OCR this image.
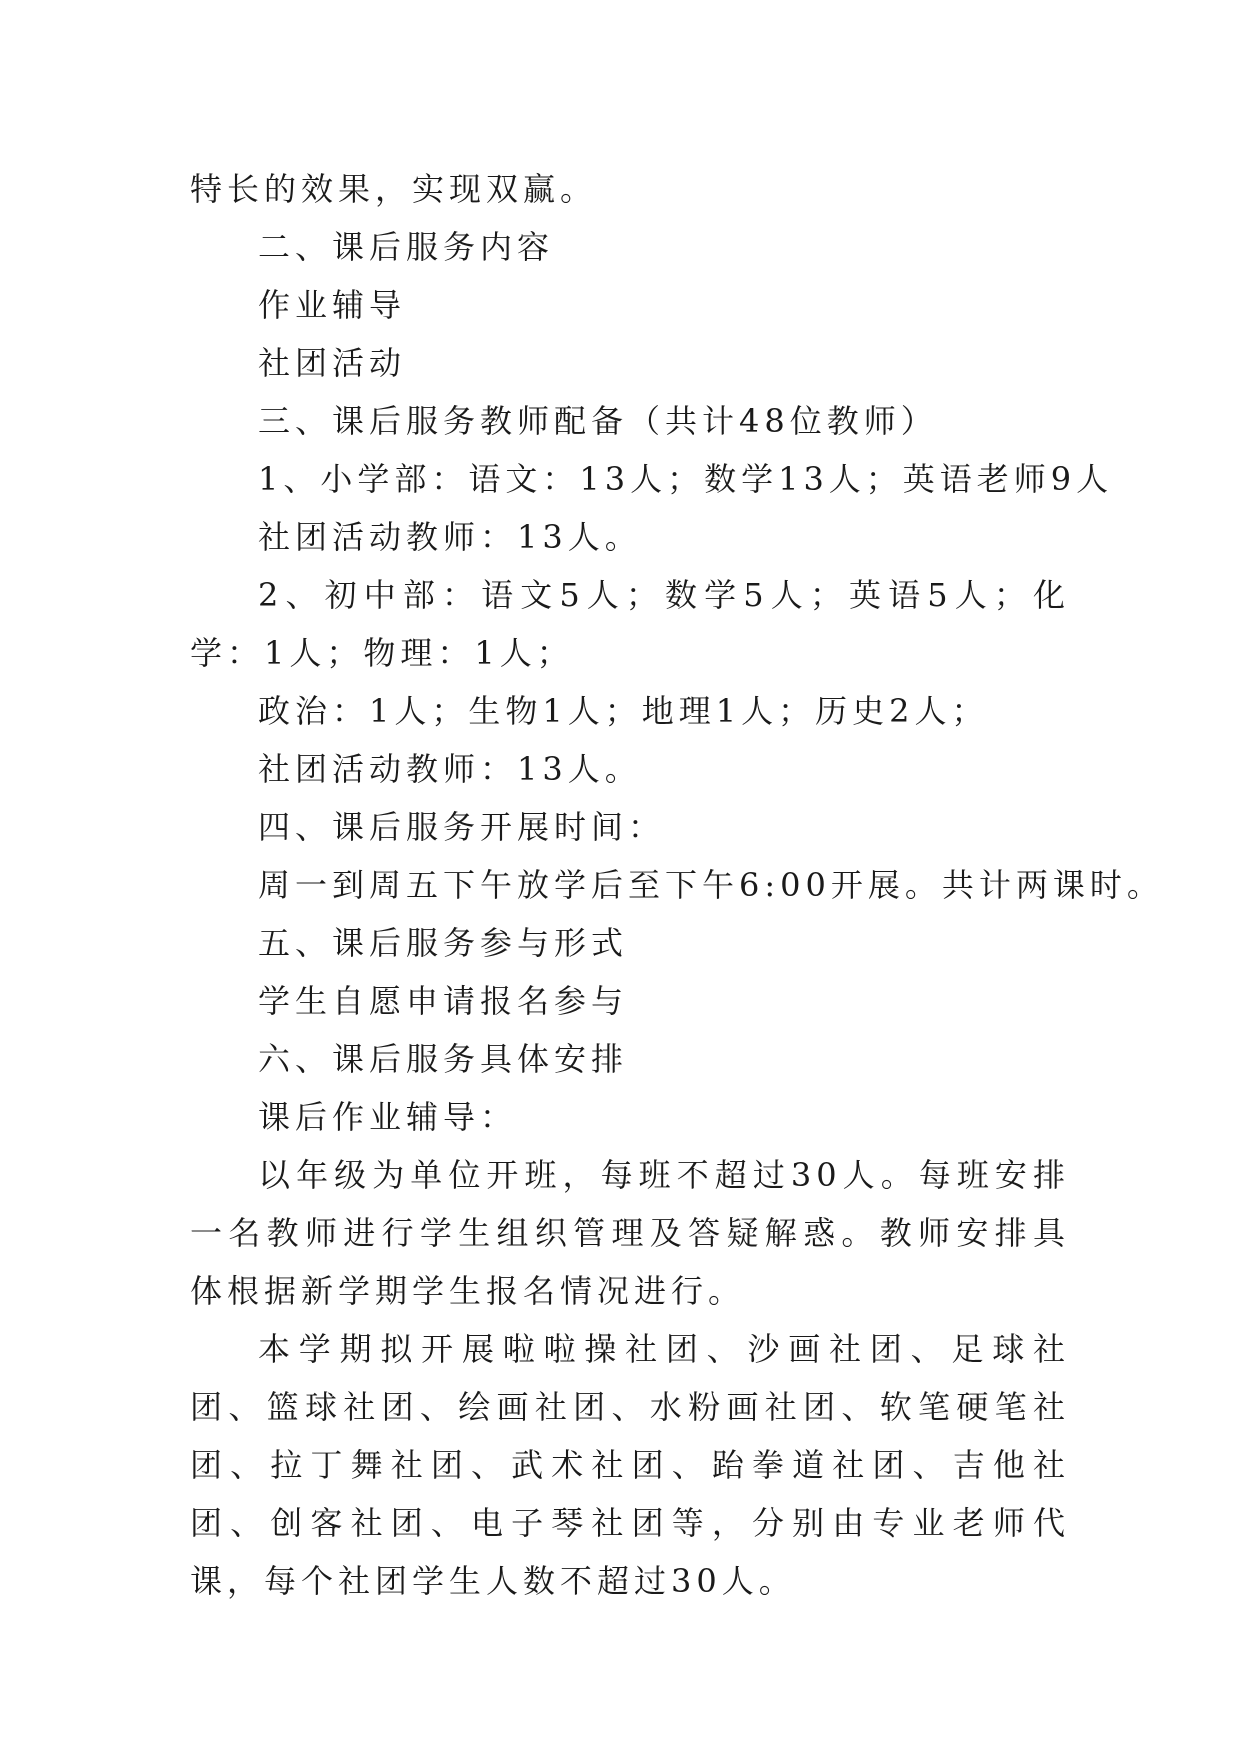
特长的效果，实现双赢。

二、课后服务内容

作业辅导

社团活动

三、课后服务教师配备（共计48位教师）

1、小学部：语文：13人；数学13人；英语老师9人

社团活动教师：13人。

2、初中部：语文5人；数学5人；英语5人；化学：1人；物理：1人；

政治：1人；生物1人；地理1人；历史2人；

社团活动教师：13人。

四、课后服务开展时间：

周一到周五下午放学后至下午6:00开展。共计两课时。

五、课后服务参与形式

学生自愿申请报名参与

六、课后服务具体安排

课后作业辅导：

以年级为单位开班，每班不超过30人。每班安排一名教师进行学生组织管理及答疑解惑。教师安排具体根据新学期学生报名情况进行。

本学期拟开展啦啦操社团、沙画社团、足球社团、篮球社团、绘画社团、水粉画社团、软笔硬笔社团、拉丁舞社团、武术社团、跆拳道社团、吉他社团、创客社团、电子琴社团等，分别由专业老师代课，每个社团学生人数不超过30人。
